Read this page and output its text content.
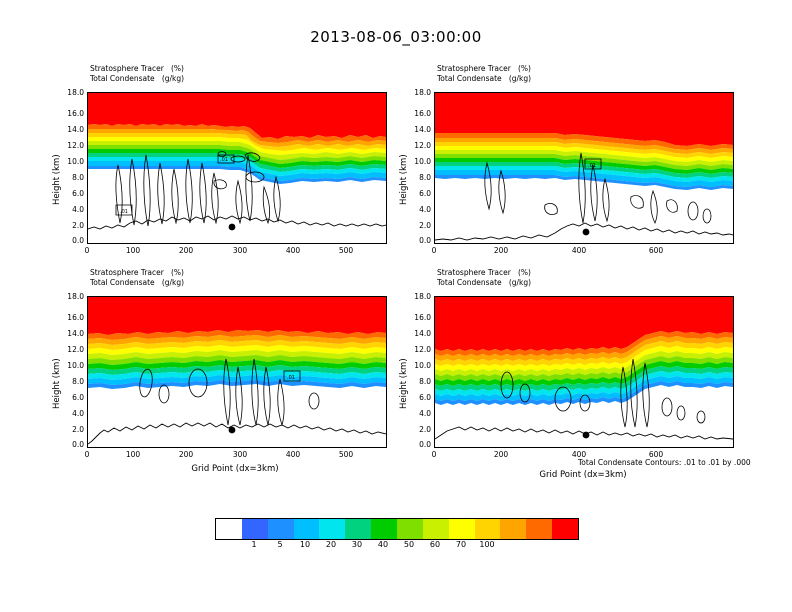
2013-08-06_03:00:00
Stratosphere Tracer   (%)
Total Condensate   (g/kg)
Height (km)
0.0
2.0
4.0
6.0
8.0
10.0
12.0
14.0
16.0
18.0
0	100	200	300	400	500
South-North
.01
.01
Stratosphere Tracer   (%)
Total Condensate   (g/kg)
Height (km)
0.0
2.0
4.0
6.0
8.0
10.0
12.0
14.0
16.0
18.0
0	200	400	600
SW-NE
.01
Stratosphere Tracer   (%)
Total Condensate   (g/kg)
Height (km)
0.0
2.0
4.0
6.0
8.0
10.0
12.0
14.0
16.0
18.0
0	100	200	300	400	500
Grid Point (dx=3km)
West-East
.01
Stratosphere Tracer   (%)
Total Condensate   (g/kg)
Height (km)
0.0
2.0
4.0
6.0
8.0
10.0
12.0
14.0
16.0
18.0
0	200	400	600
Total Condensate Contours: .01 to .01 by .000
Grid Point (dx=3km)
NW-SE
1	5	10	20	30	40	50	60	70	100
